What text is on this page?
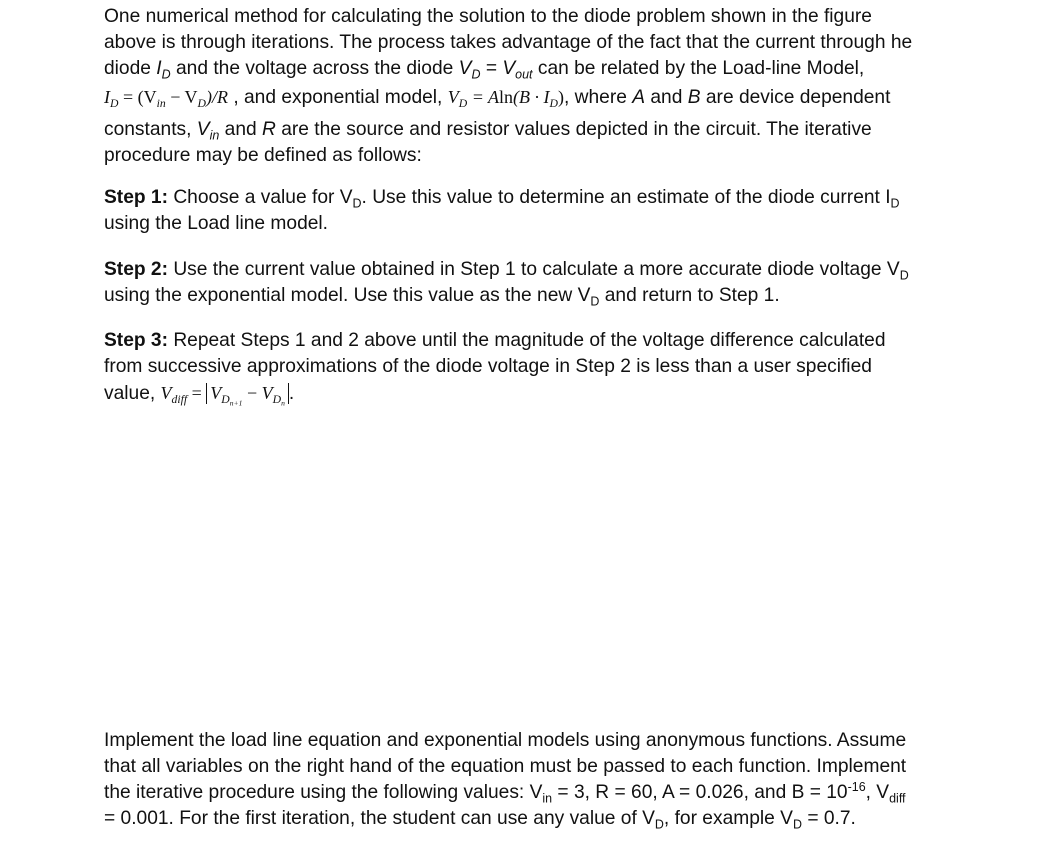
One numerical method for calculating the solution to the diode problem shown in the figure
above is through iterations. The process takes advantage of the fact that the current through he
diode $I_D$ and the voltage across the diode $V_D = V_{out}$ can be related by the Load-line Model,
$I_D = (V_{in} - V_D)/R$ , and exponential model, $V_D = Aln(B \cdot I_D)$, where A and B are device dependent
constants, $V_{in}$ and R are the source and resistor values depicted in the circuit. The iterative
procedure may be defined as follows:
Step 1: Choose a value for $V_D$. Use this value to determine an estimate of the diode current $I_D$
using the Load line model.
Step 2: Use the current value obtained in Step 1 to calculate a more accurate diode voltage $V_D$
using the exponential model. Use this value as the new $V_D$ and return to Step 1.
Step 3: Repeat Steps 1 and 2 above until the magnitude of the voltage difference calculated
from successive approximations of the diode voltage in Step 2 is less than a user specified
value, $V_{diff} = V_{D_{n+1}} - V_{D_n}$ .
Implement the load line equation and exponential models using anonymous functions. Assume
that all variables on the right hand of the equation must be passed to each function. Implement
the iterative procedure using the following values: $V_{in} = 3$, R = 60, A = 0.026, and $B = 10^{-16}$, $V_{diff}$
= 0.001. For the first iteration, the student can use any value of $V_D$, for example $V_D = 0.7$.
